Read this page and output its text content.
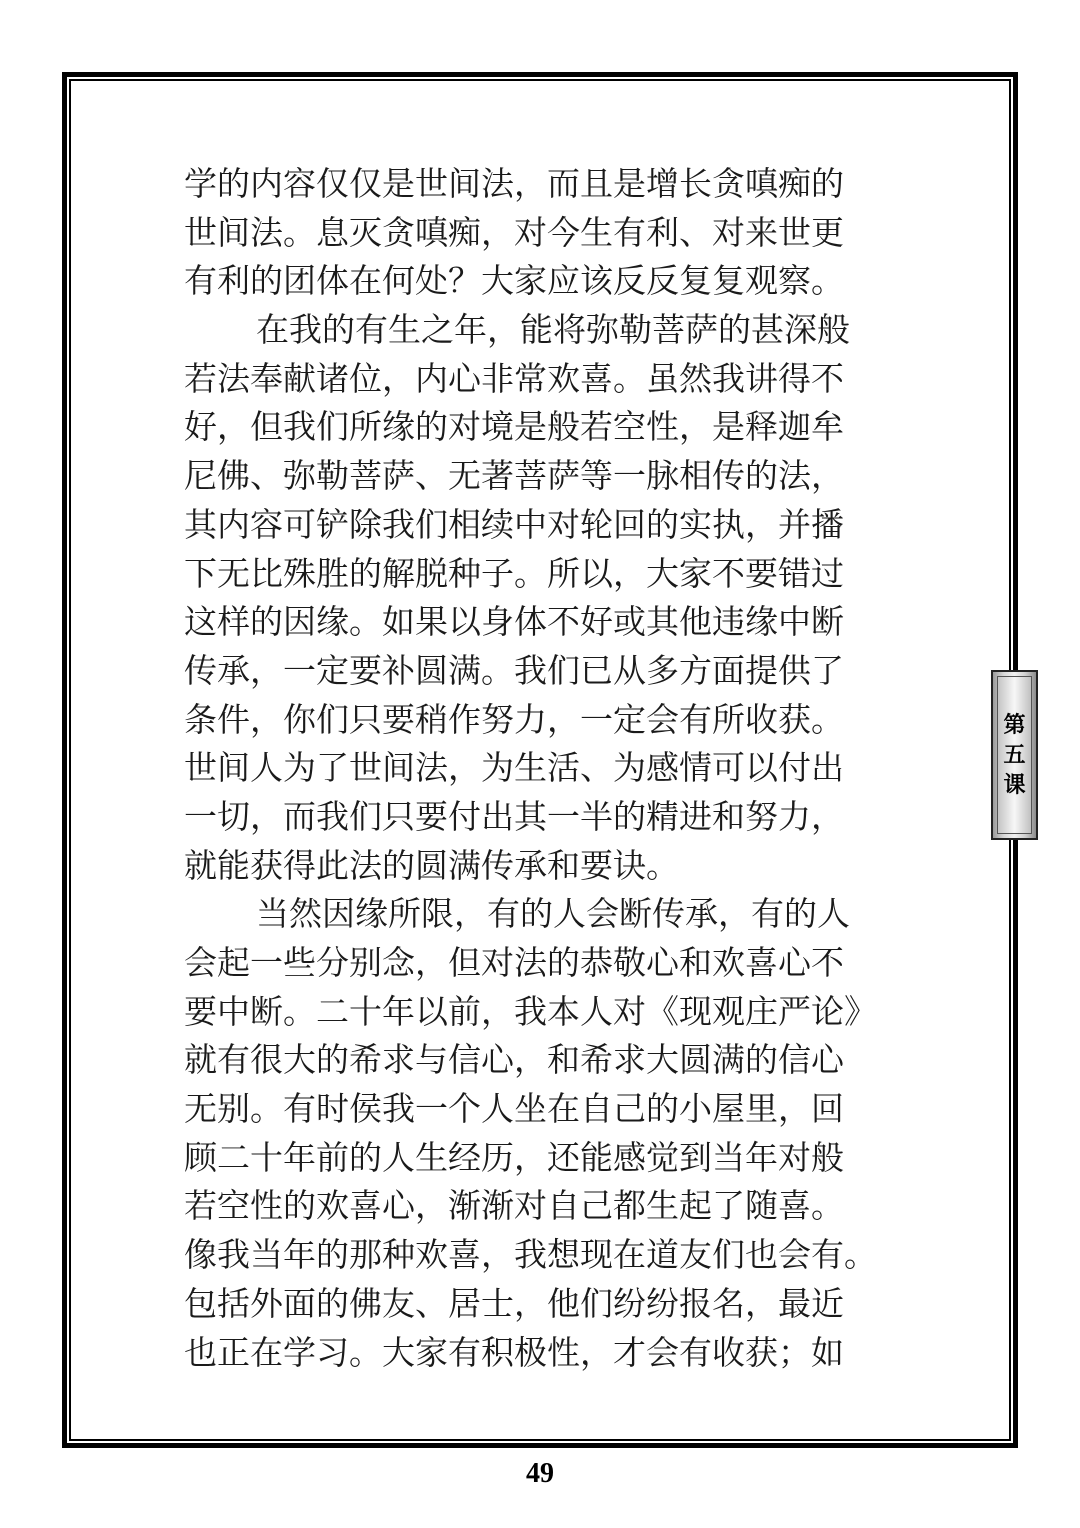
学的内容仅仅是世间法，而且是增长贪嗔痴的
世间法。息灭贪嗔痴，对今生有利、对来世更
有利的团体在何处？大家应该反反复复观察。
在我的有生之年，能将弥勒菩萨的甚深般
若法奉献诸位，内心非常欢喜。虽然我讲得不
好，但我们所缘的对境是般若空性，是释迦牟
尼佛、弥勒菩萨、无著菩萨等一脉相传的法，
其内容可铲除我们相续中对轮回的实执，并播
下无比殊胜的解脱种子。所以，大家不要错过
这样的因缘。如果以身体不好或其他违缘中断
传承，一定要补圆满。我们已从多方面提供了
条件，你们只要稍作努力，一定会有所收获。
世间人为了世间法，为生活、为感情可以付出
一切，而我们只要付出其一半的精进和努力，
就能获得此法的圆满传承和要诀。
当然因缘所限，有的人会断传承，有的人
会起一些分别念，但对法的恭敬心和欢喜心不
要中断。二十年以前，我本人对《现观庄严论》
就有很大的希求与信心，和希求大圆满的信心
无别。有时侯我一个人坐在自己的小屋里，回
顾二十年前的人生经历，还能感觉到当年对般
若空性的欢喜心，渐渐对自己都生起了随喜。
像我当年的那种欢喜，我想现在道友们也会有。
包括外面的佛友、居士，他们纷纷报名，最近
也正在学习。大家有积极性，才会有收获；如
第
五
课
49
